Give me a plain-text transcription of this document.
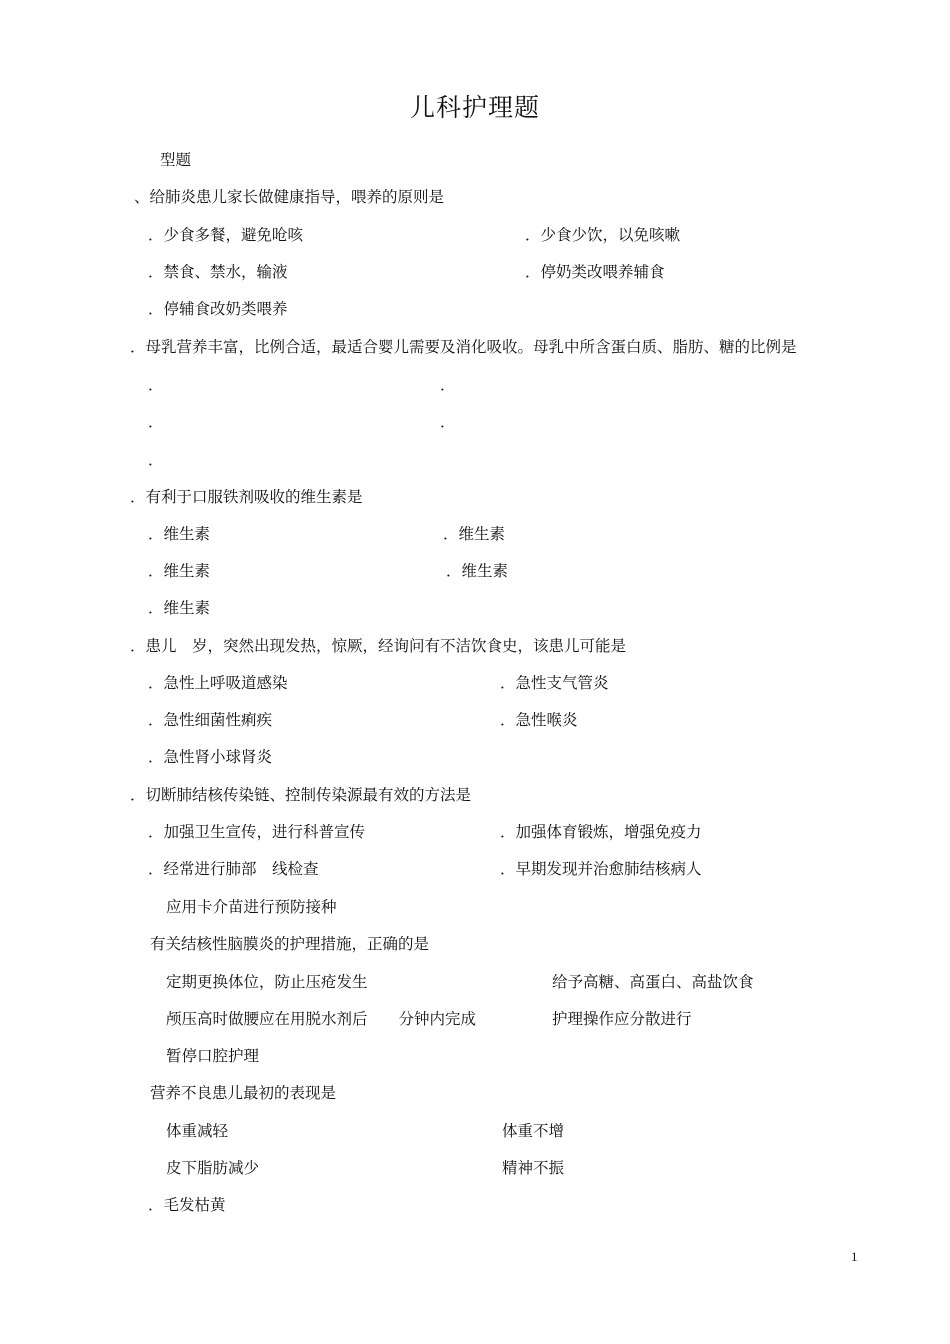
儿科护理题
型题
、给肺炎患儿家长做健康指导，喂养的原则是
．少食多餐，避免呛咳	．少食少饮，以免咳嗽
．禁食、禁水，输液	．停奶类改喂养辅食
．停辅食改奶类喂养
．母乳营养丰富，比例合适，最适合婴儿需要及消化吸收。母乳中所含蛋白质、脂肪、糖的比例是
．	．
．	．
．
．有利于口服铁剂吸收的维生素是
．维生素	．维生素
．维生素	．维生素
．维生素
．患儿　岁，突然出现发热，惊厥，经询问有不洁饮食史，该患儿可能是
．急性上呼吸道感染	．急性支气管炎
．急性细菌性痢疾	．急性喉炎
．急性肾小球肾炎
．切断肺结核传染链、控制传染源最有效的方法是
．加强卫生宣传，进行科普宣传	．加强体育锻炼，增强免疫力
．经常进行肺部　线检查	．早期发现并治愈肺结核病人
应用卡介苗进行预防接种
有关结核性脑膜炎的护理措施，正确的是
定期更换体位，防止压疮发生	给予高糖、高蛋白、高盐饮食
颅压高时做腰应在用脱水剂后　　分钟内完成	护理操作应分散进行
暂停口腔护理
营养不良患儿最初的表现是
体重减轻	体重不增
皮下脂肪减少	精神不振
．毛发枯黄
1
